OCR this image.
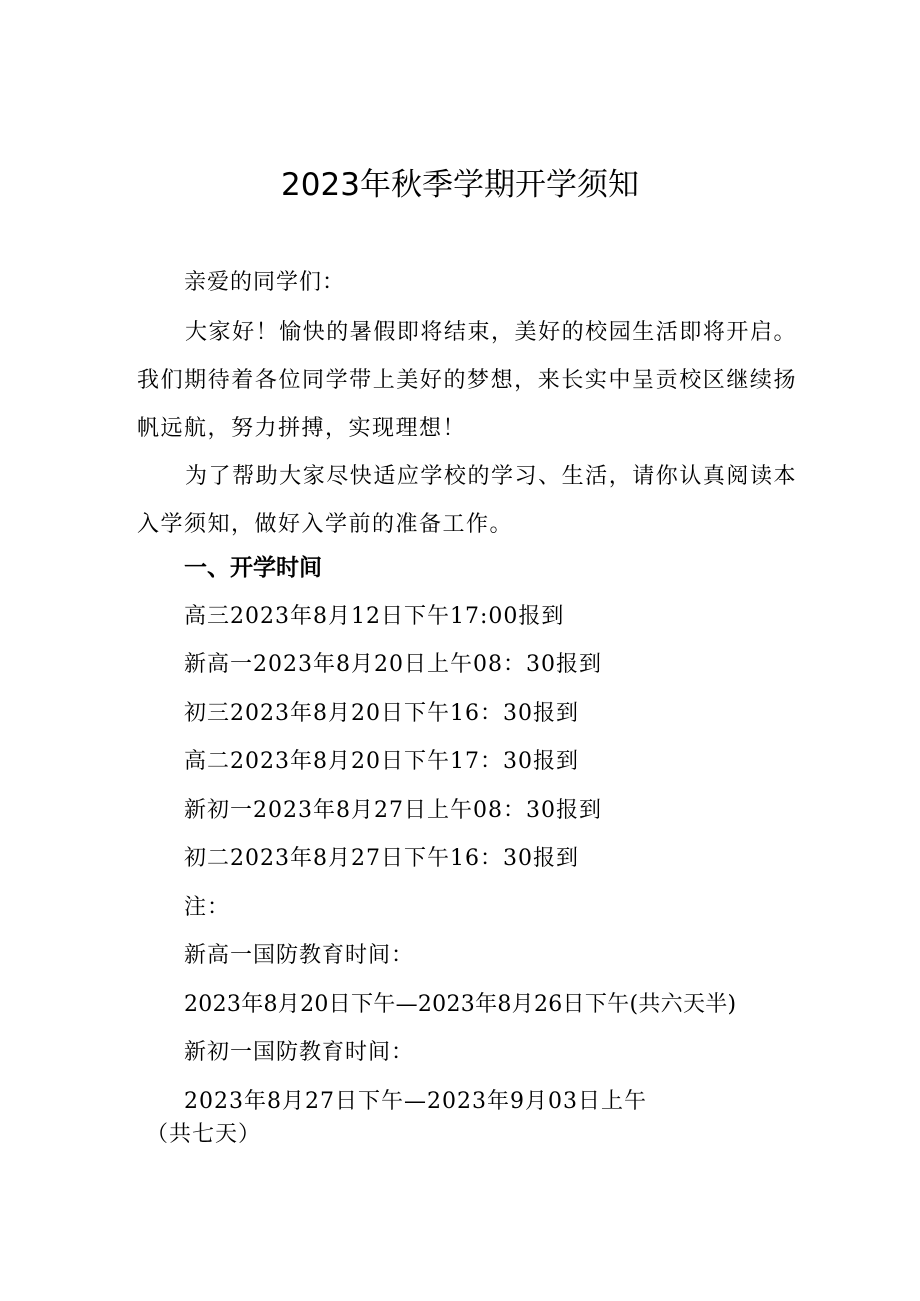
2023年秋季学期开学须知
亲爱的同学们：
大家好！愉快的暑假即将结束，美好的校园生活即将开启。我们期待着各位同学带上美好的梦想，来长实中呈贡校区继续扬帆远航，努力拼搏，实现理想！
为了帮助大家尽快适应学校的学习、生活，请你认真阅读本入学须知，做好入学前的准备工作。
一、开学时间
高三2023年8月12日下午17:00报到
新高一2023年8月20日上午08：30报到
初三2023年8月20日下午16：30报到
高二2023年8月20日下午17：30报到
新初一2023年8月27日上午08：30报到
初二2023年8月27日下午16：30报到
注：
新高一国防教育时间：
2023年8月20日下午—2023年8月26日下午(共六天半)
新初一国防教育时间：
2023年8月27日下午—2023年9月03日上午
（共七天）
